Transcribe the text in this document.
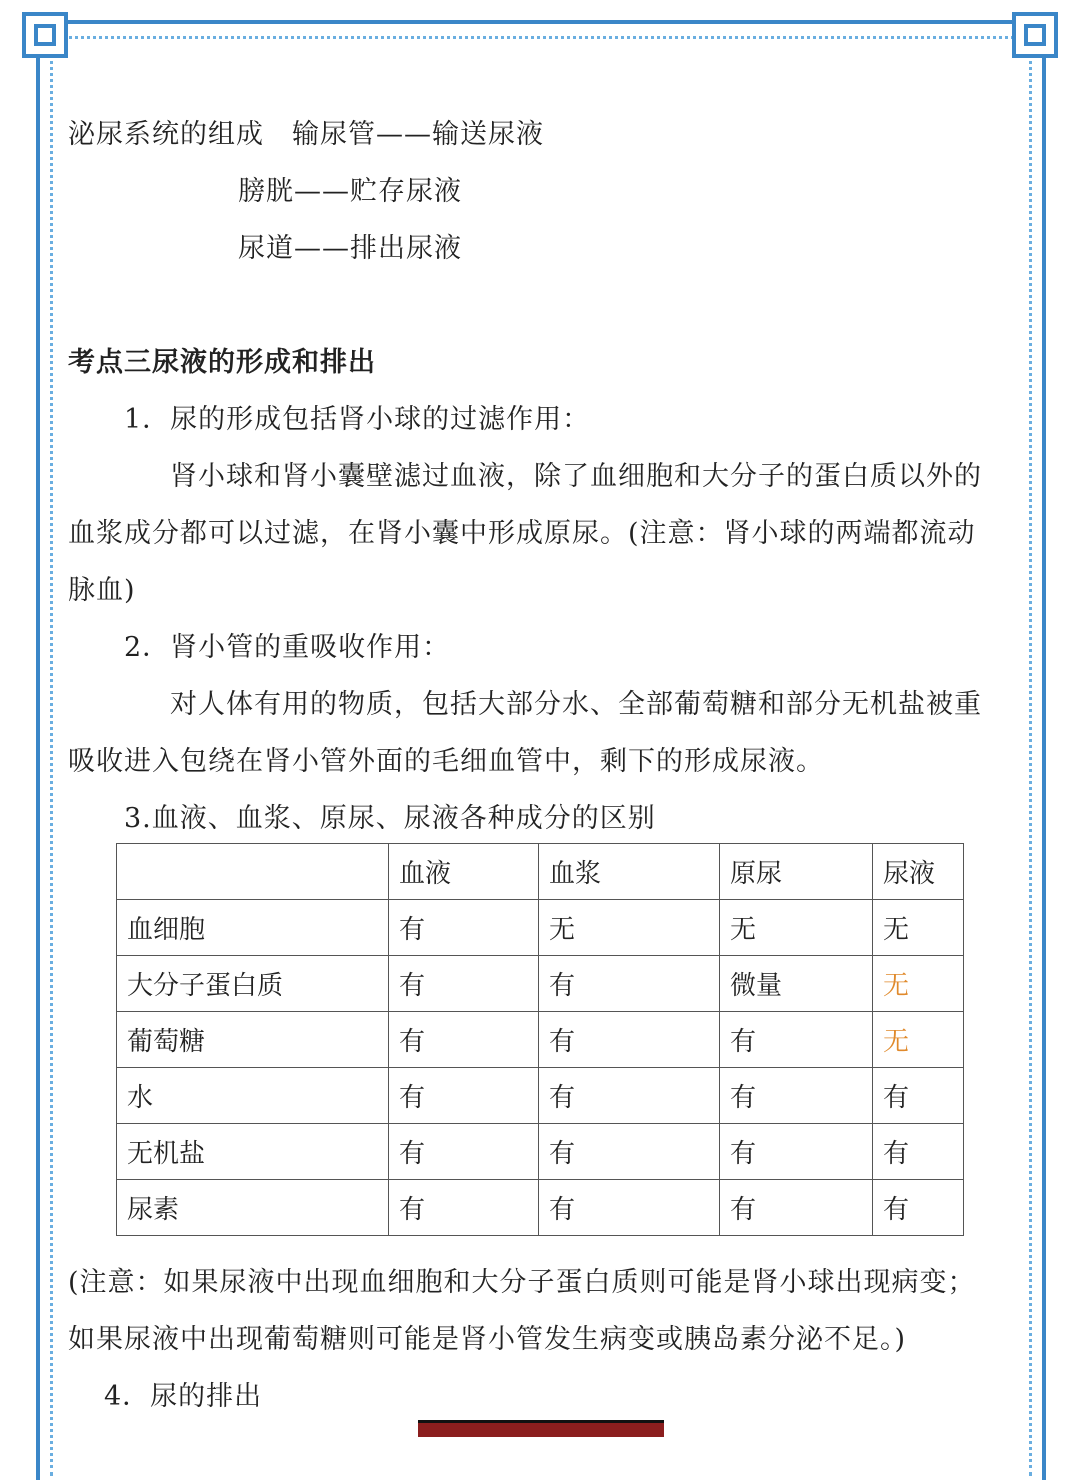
泌尿系统的组成　输尿管——输送尿液
膀胱——贮存尿液
尿道——排出尿液
考点三尿液的形成和排出
1．尿的形成包括肾小球的过滤作用：
肾小球和肾小囊壁滤过血液，除了血细胞和大分子的蛋白质以外的
血浆成分都可以过滤，在肾小囊中形成原尿。(注意：肾小球的两端都流动
脉血)
2．肾小管的重吸收作用：
对人体有用的物质，包括大部分水、全部葡萄糖和部分无机盐被重
吸收进入包绕在肾小管外面的毛细血管中，剩下的形成尿液。
3.血液、血浆、原尿、尿液各种成分的区别
	血液	血浆	原尿	尿液
血细胞	有	无	无	无
大分子蛋白质	有	有	微量	无
葡萄糖	有	有	有	无
水	有	有	有	有
无机盐	有	有	有	有
尿素	有	有	有	有
(注意：如果尿液中出现血细胞和大分子蛋白质则可能是肾小球出现病变；
如果尿液中出现葡萄糖则可能是肾小管发生病变或胰岛素分泌不足。)
4．尿的排出
